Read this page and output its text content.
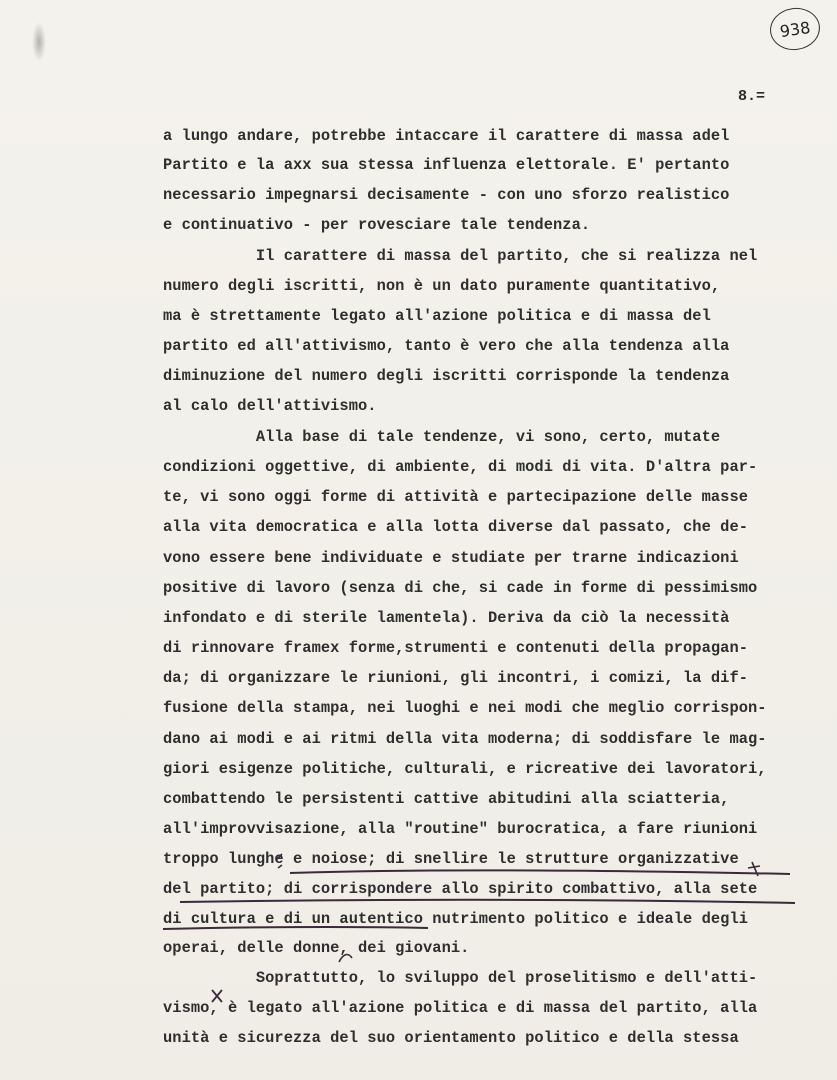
938
8.=
a lungo andare, potrebbe intaccare il carattere di massa adel
Partito e la axx sua stessa influenza elettorale. E' pertanto
necessario impegnarsi decisamente - con uno sforzo realistico
e continuativo - per rovesciare tale tendenza.
Il carattere di massa del partito, che si realizza nel
numero degli iscritti, non è un dato puramente quantitativo,
ma è strettamente legato all'azione politica e di massa del
partito ed all'attivismo, tanto è vero che alla tendenza alla
diminuzione del numero degli iscritti corrisponde la tendenza
al calo dell'attivismo.
Alla base di tale tendenze, vi sono, certo, mutate
condizioni oggettive, di ambiente, di modi di vita. D'altra par-
te, vi sono oggi forme di attività e partecipazione delle masse
alla vita democratica e alla lotta diverse dal passato, che de-
vono essere bene individuate e studiate per trarne indicazioni
positive di lavoro (senza di che, si cade in forme di pessimismo
infondato e di sterile lamentela). Deriva da ciò la necessità
di rinnovare framex forme,strumenti e contenuti della propagan-
da; di organizzare le riunioni, gli incontri, i comizi, la dif-
fusione della stampa, nei luoghi e nei modi che meglio corrispon-
dano ai modi e ai ritmi della vita moderna; di soddisfare le mag-
giori esigenze politiche, culturali, e ricreative dei lavoratori,
combattendo le persistenti cattive abitudini alla sciatteria,
all'improvvisazione, alla "routine" burocratica, a fare riunioni
troppo lunghe e noiose; di snellire le strutture organizzative
del partito; di corrispondere allo spirito combattivo, alla sete
di cultura e di un autentico nutrimento politico e ideale degli
operai, delle donne, dei giovani.
Soprattutto, lo sviluppo del proselitismo e dell'atti-
vismo, è legato all'azione politica e di massa del partito, alla
unità e sicurezza del suo orientamento politico e della stessa
